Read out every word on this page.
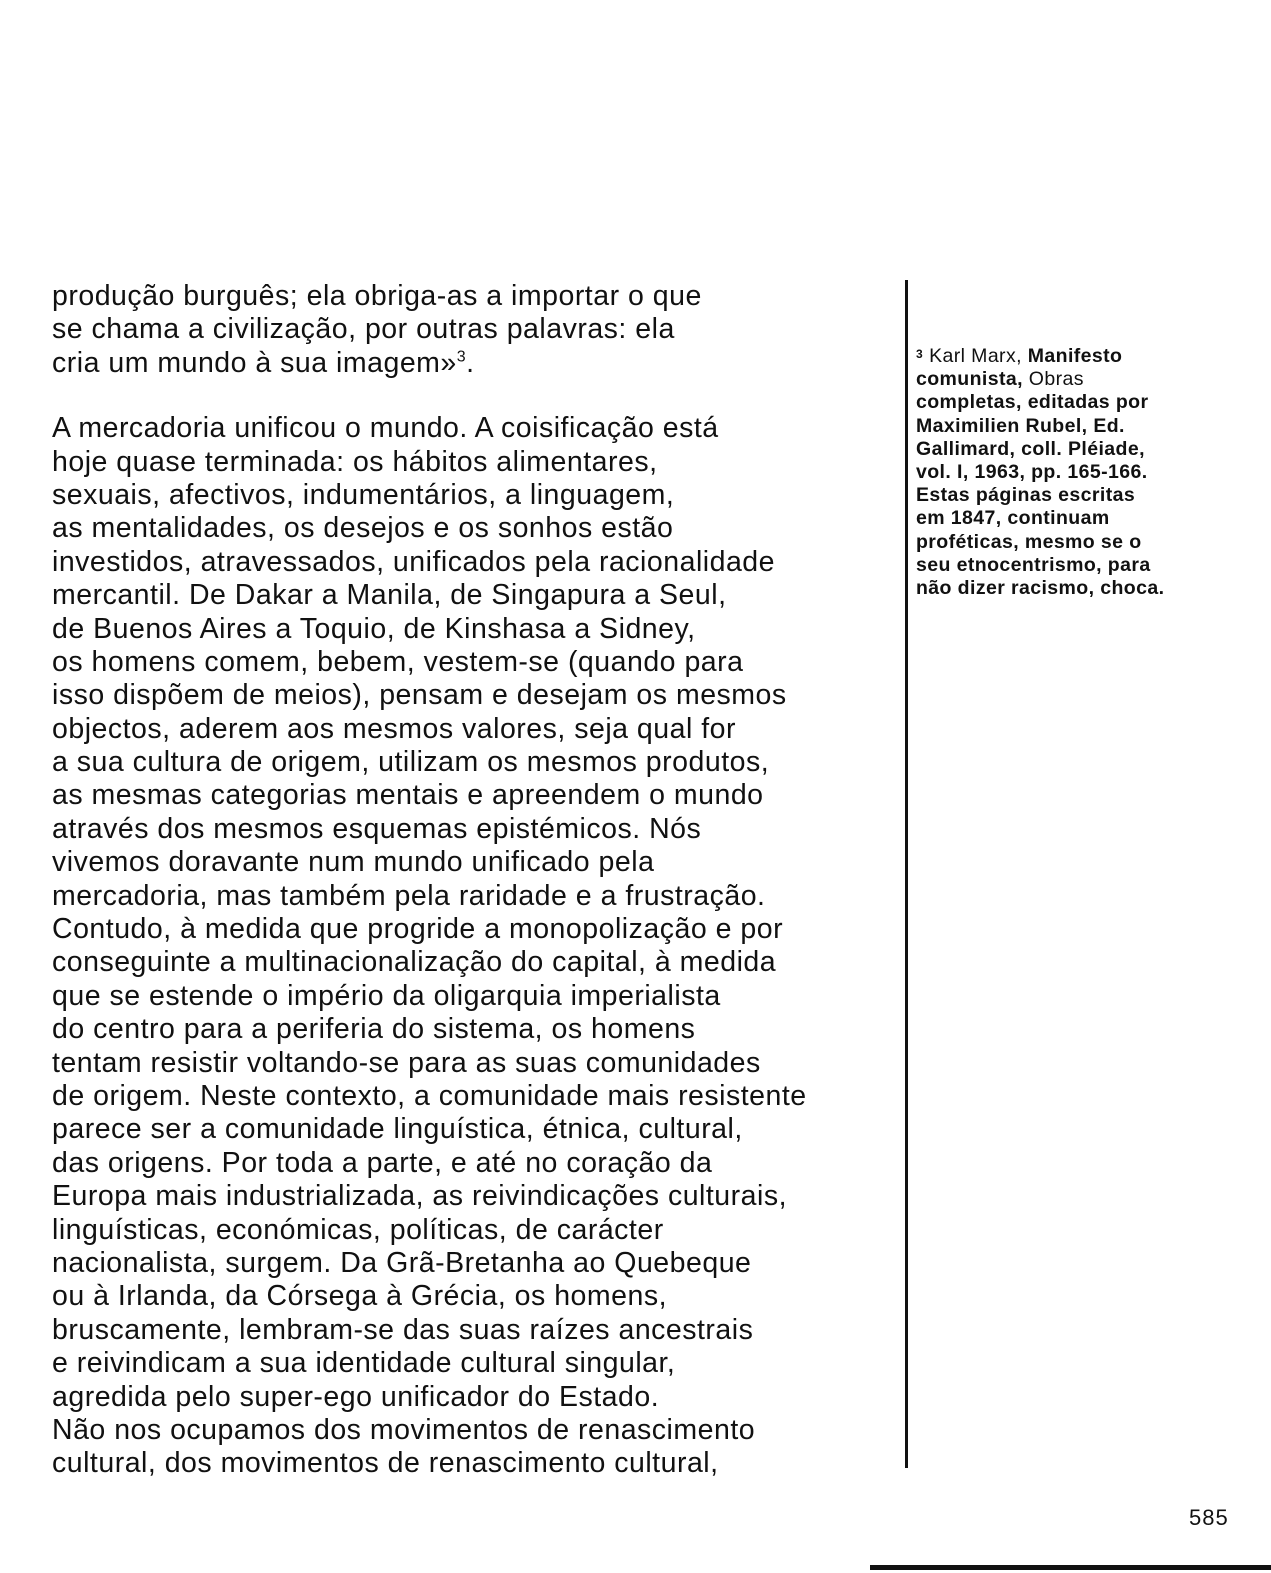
produção burguês; ela obriga-as a importar o que
se chama a civilização, por outras palavras: ela
cria um mundo à sua imagem»$^3$.
A mercadoria unificou o mundo. A coisificação está
hoje quase terminada: os hábitos alimentares,
sexuais, afectivos, indumentários, a linguagem,
as mentalidades, os desejos e os sonhos estão
investidos, atravessados, unificados pela racionalidade
mercantil. De Dakar a Manila, de Singapura a Seul,
de Buenos Aires a Toquio, de Kinshasa a Sidney,
os homens comem, bebem, vestem-se (quando para
isso dispõem de meios), pensam e desejam os mesmos
objectos, aderem aos mesmos valores, seja qual for
a sua cultura de origem, utilizam os mesmos produtos,
as mesmas categorias mentais e apreendem o mundo
através dos mesmos esquemas epistémicos. Nós
vivemos doravante num mundo unificado pela
mercadoria, mas também pela raridade e a frustração.
Contudo, à medida que progride a monopolização e por
conseguinte a multinacionalização do capital, à medida
que se estende o império da oligarquia imperialista
do centro para a periferia do sistema, os homens
tentam resistir voltando-se para as suas comunidades
de origem. Neste contexto, a comunidade mais resistente
parece ser a comunidade linguística, étnica, cultural,
das origens. Por toda a parte, e até no coração da
Europa mais industrializada, as reivindicações culturais,
linguísticas, económicas, políticas, de carácter
nacionalista, surgem. Da Grã-Bretanha ao Quebeque
ou à Irlanda, da Córsega à Grécia, os homens,
bruscamente, lembram-se das suas raízes ancestrais
e reivindicam a sua identidade cultural singular,
agredida pelo super-ego unificador do Estado.
Não nos ocupamos dos movimentos de renascimento
cultural, dos movimentos de renascimento cultural,
$^3$ Karl Marx, Manifesto
comunista, Obras
completas, editadas por
Maximilien Rubel, Ed.
Gallimard, coll. Pléiade,
vol. I, 1963, pp. 165-166.
Estas páginas escritas
em 1847, continuam
proféticas, mesmo se o
seu etnocentrismo, para
não dizer racismo, choca.
585
